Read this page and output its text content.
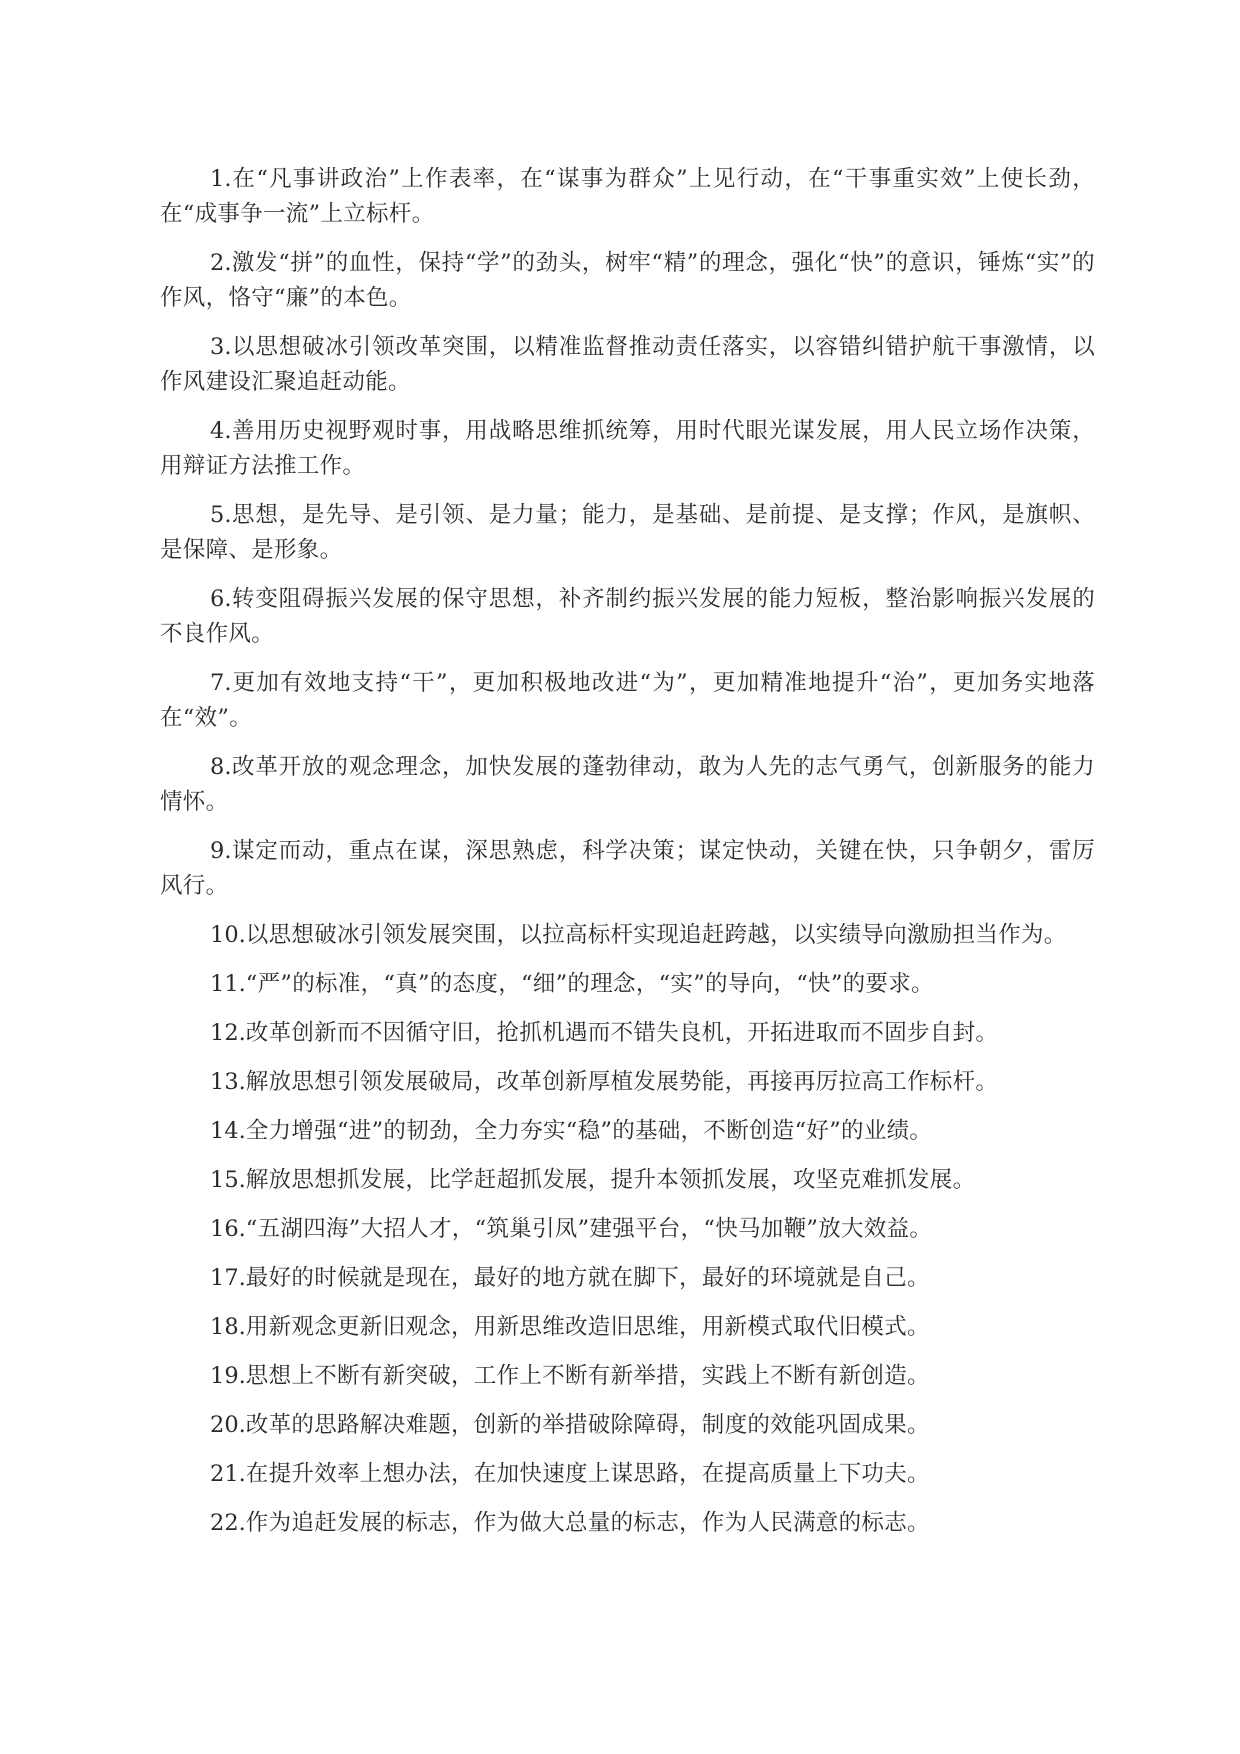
1.在“凡事讲政治”上作表率，在“谋事为群众”上见行动，在“干事重实效”上使长劲，在“成事争一流”上立标杆。

2.激发“拼”的血性，保持“学”的劲头，树牢“精”的理念，强化“快”的意识，锤炼“实”的作风，恪守“廉”的本色。

3.以思想破冰引领改革突围，以精准监督推动责任落实，以容错纠错护航干事激情，以作风建设汇聚追赶动能。

4.善用历史视野观时事，用战略思维抓统筹，用时代眼光谋发展，用人民立场作决策，用辩证方法推工作。

5.思想，是先导、是引领、是力量；能力，是基础、是前提、是支撑；作风，是旗帜、是保障、是形象。

6.转变阻碍振兴发展的保守思想，补齐制约振兴发展的能力短板，整治影响振兴发展的不良作风。

7.更加有效地支持“干”，更加积极地改进“为”，更加精准地提升“治”，更加务实地落在“效”。

8.改革开放的观念理念，加快发展的蓬勃律动，敢为人先的志气勇气，创新服务的能力情怀。

9.谋定而动，重点在谋，深思熟虑，科学决策；谋定快动，关键在快，只争朝夕，雷厉风行。

10.以思想破冰引领发展突围，以拉高标杆实现追赶跨越，以实绩导向激励担当作为。

11.“严”的标准，“真”的态度，“细”的理念，“实”的导向，“快”的要求。

12.改革创新而不因循守旧，抢抓机遇而不错失良机，开拓进取而不固步自封。

13.解放思想引领发展破局，改革创新厚植发展势能，再接再厉拉高工作标杆。

14.全力增强“进”的韧劲，全力夯实“稳”的基础，不断创造“好”的业绩。

15.解放思想抓发展，比学赶超抓发展，提升本领抓发展，攻坚克难抓发展。

16.“五湖四海”大招人才，“筑巢引凤”建强平台，“快马加鞭”放大效益。

17.最好的时候就是现在，最好的地方就在脚下，最好的环境就是自己。

18.用新观念更新旧观念，用新思维改造旧思维，用新模式取代旧模式。

19.思想上不断有新突破，工作上不断有新举措，实践上不断有新创造。

20.改革的思路解决难题，创新的举措破除障碍，制度的效能巩固成果。

21.在提升效率上想办法，在加快速度上谋思路，在提高质量上下功夫。

22.作为追赶发展的标志，作为做大总量的标志，作为人民满意的标志。
